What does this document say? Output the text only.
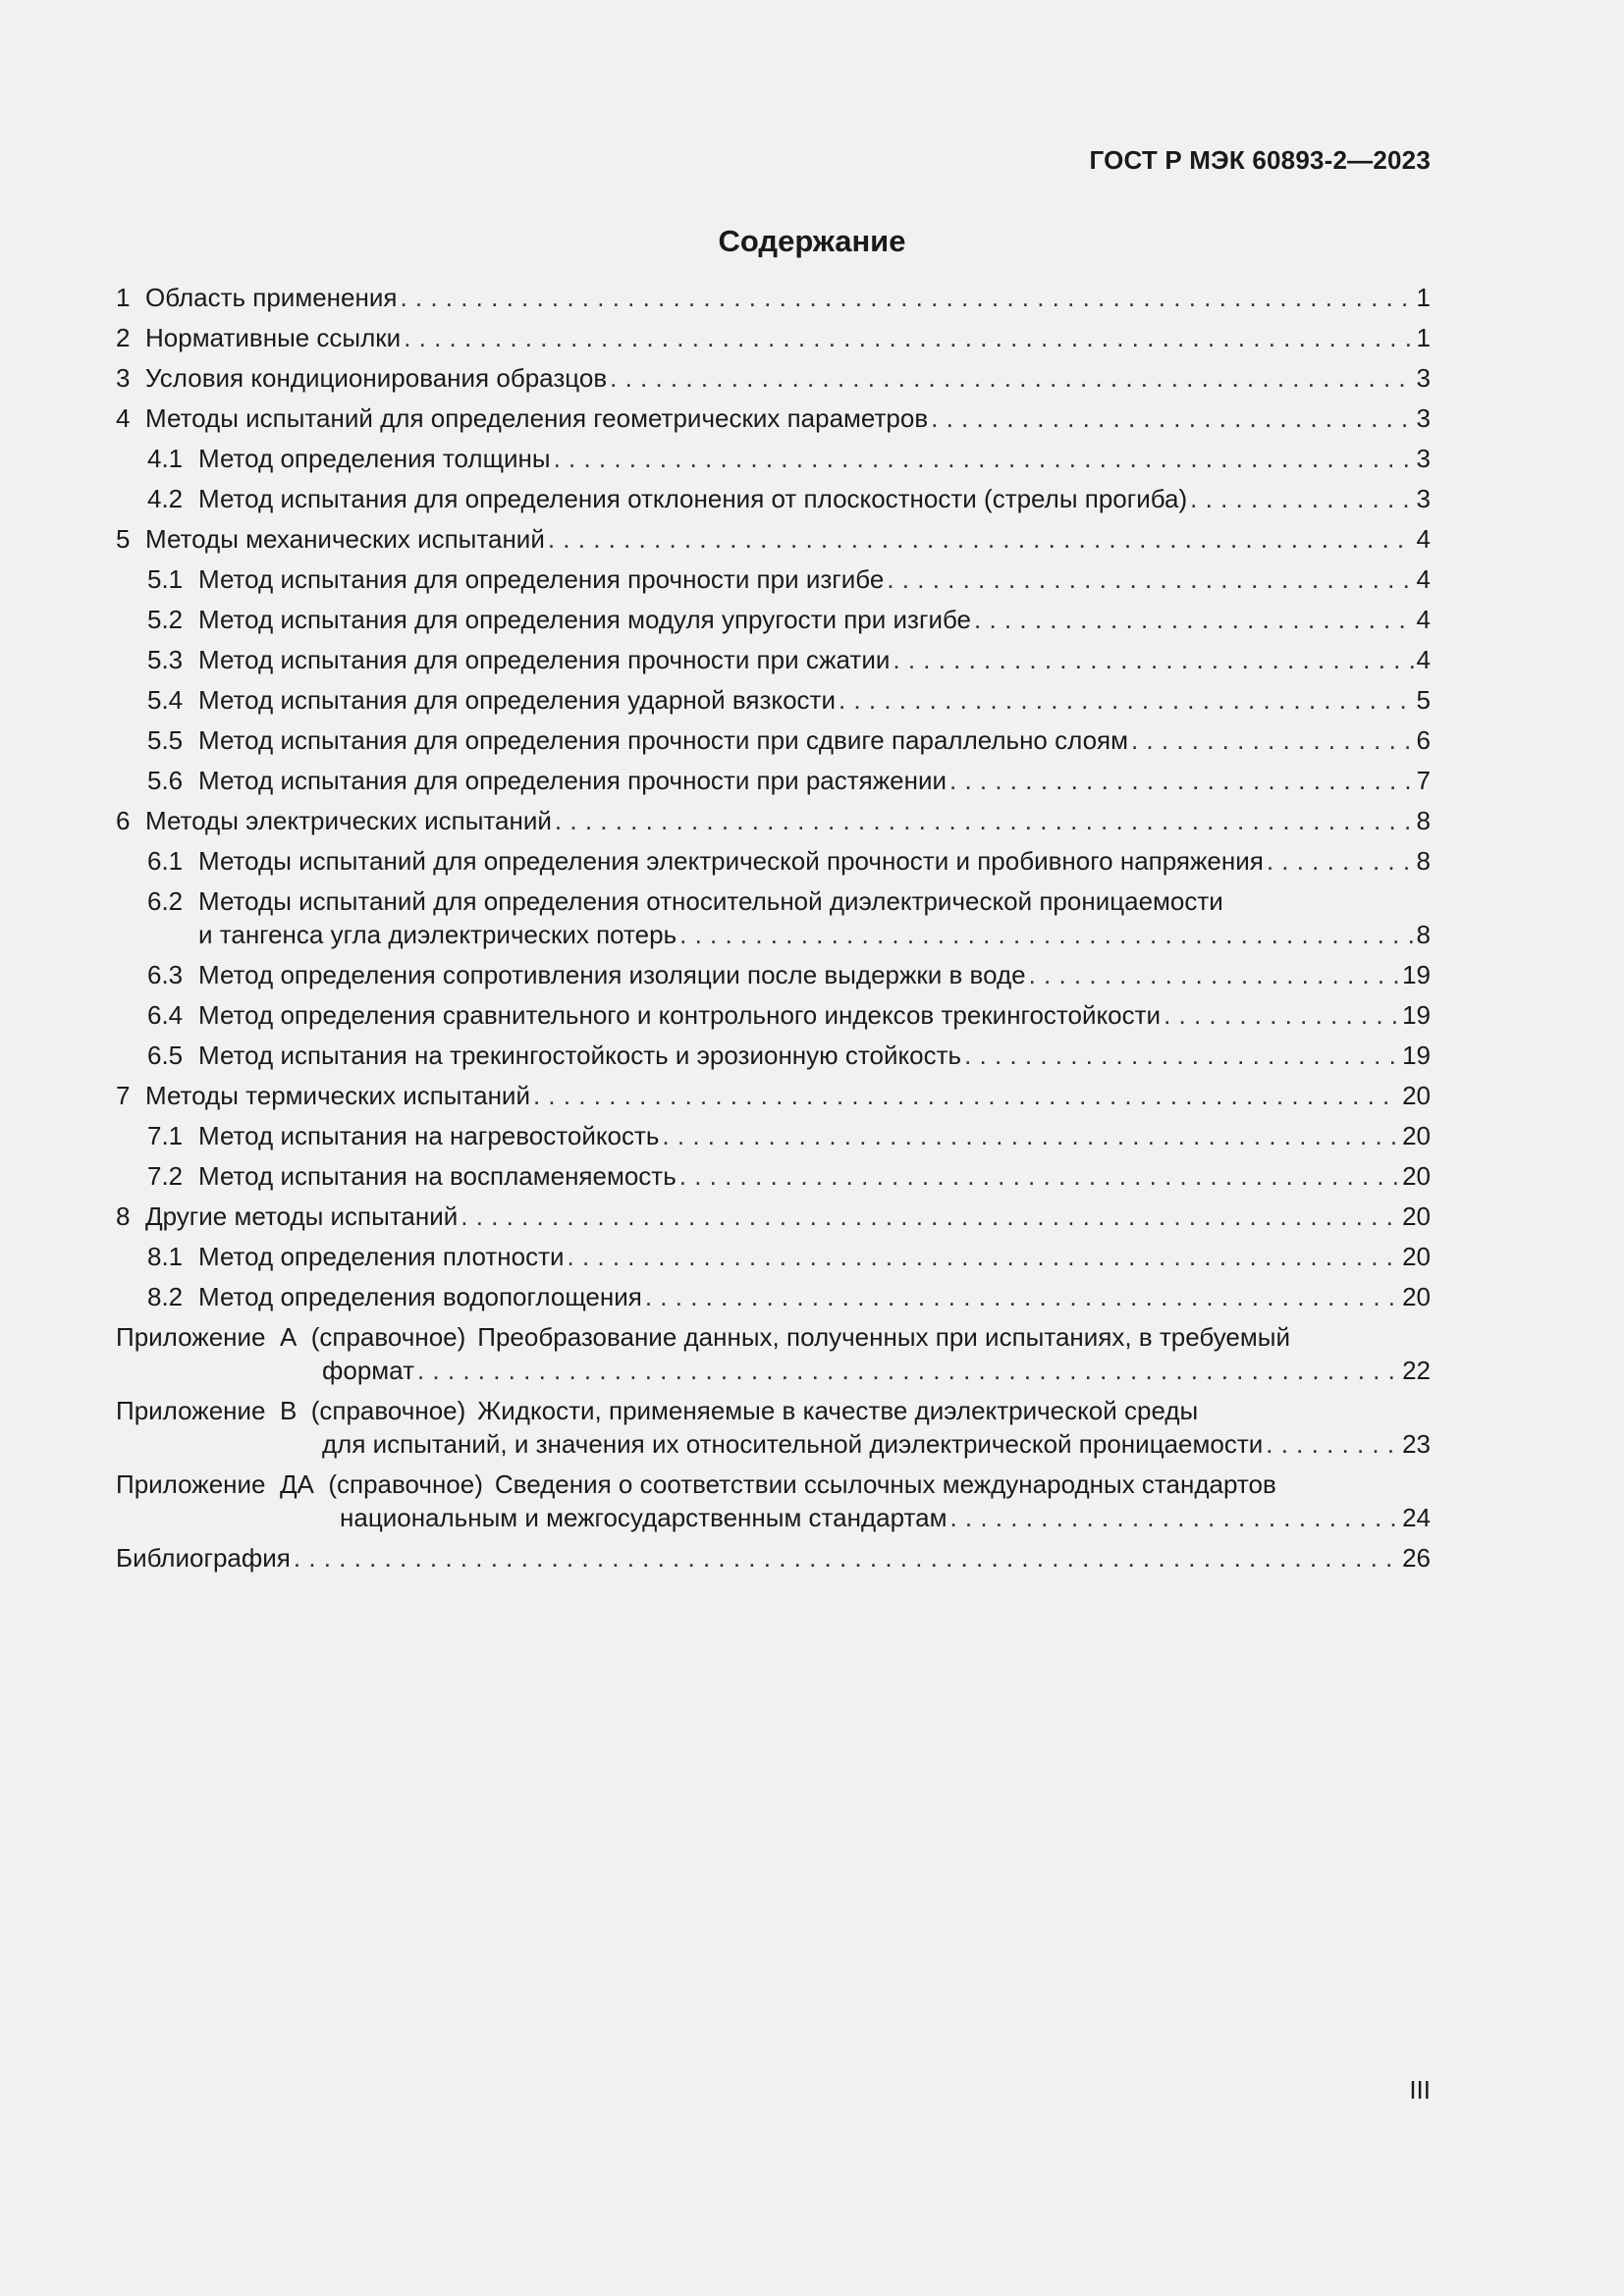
ГОСТ Р МЭК 60893-2—2023
Содержание
1 Область применения . . .	1
2 Нормативные ссылки . . .	1
3 Условия кондиционирования образцов . . .	3
4 Методы испытаний для определения геометрических параметров . . .	3
4.1 Метод определения толщины . . .	3
4.2 Метод испытания для определения отклонения от плоскостности (стрелы прогиба) . . .	3
5 Методы механических испытаний . . .	4
5.1 Метод испытания для определения прочности при изгибе . . .	4
5.2 Метод испытания для определения модуля упругости при изгибе . . .	4
5.3 Метод испытания для определения прочности при сжатии . . .	4
5.4 Метод испытания для определения ударной вязкости . . .	5
5.5 Метод испытания для определения прочности при сдвиге параллельно слоям . . .	6
5.6 Метод испытания для определения прочности при растяжении . . .	7
6 Методы электрических испытаний . . .	8
6.1 Методы испытаний для определения электрической прочности и пробивного напряжения . . .	8
6.2 Методы испытаний для определения относительной диэлектрической проницаемости
и тангенса угла диэлектрических потерь . . .	8
6.3 Метод определения сопротивления изоляции после выдержки в воде . . .	19
6.4 Метод определения сравнительного и контрольного индексов трекингостойкости . . .	19
6.5 Метод испытания на трекингостойкость и эрозионную стойкость . . .	19
7 Методы термических испытаний . . .	20
7.1 Метод испытания на нагревостойкость . . .	20
7.2 Метод испытания на воспламеняемость . . .	20
8 Другие методы испытаний . . .	20
8.1 Метод определения плотности . . .	20
8.2 Метод определения водопоглощения . . .	20
Приложение  А  (справочное) Преобразование данных, полученных при испытаниях, в требуемый
формат . . .	22
Приложение  В  (справочное) Жидкости, применяемые в качестве диэлектрической среды
для испытаний, и значения их относительной диэлектрической проницаемости . . .	23
Приложение  ДА  (справочное) Сведения о соответствии ссылочных международных стандартов
национальным и межгосударственным стандартам . . .	24
Библиография . . .	26
III
